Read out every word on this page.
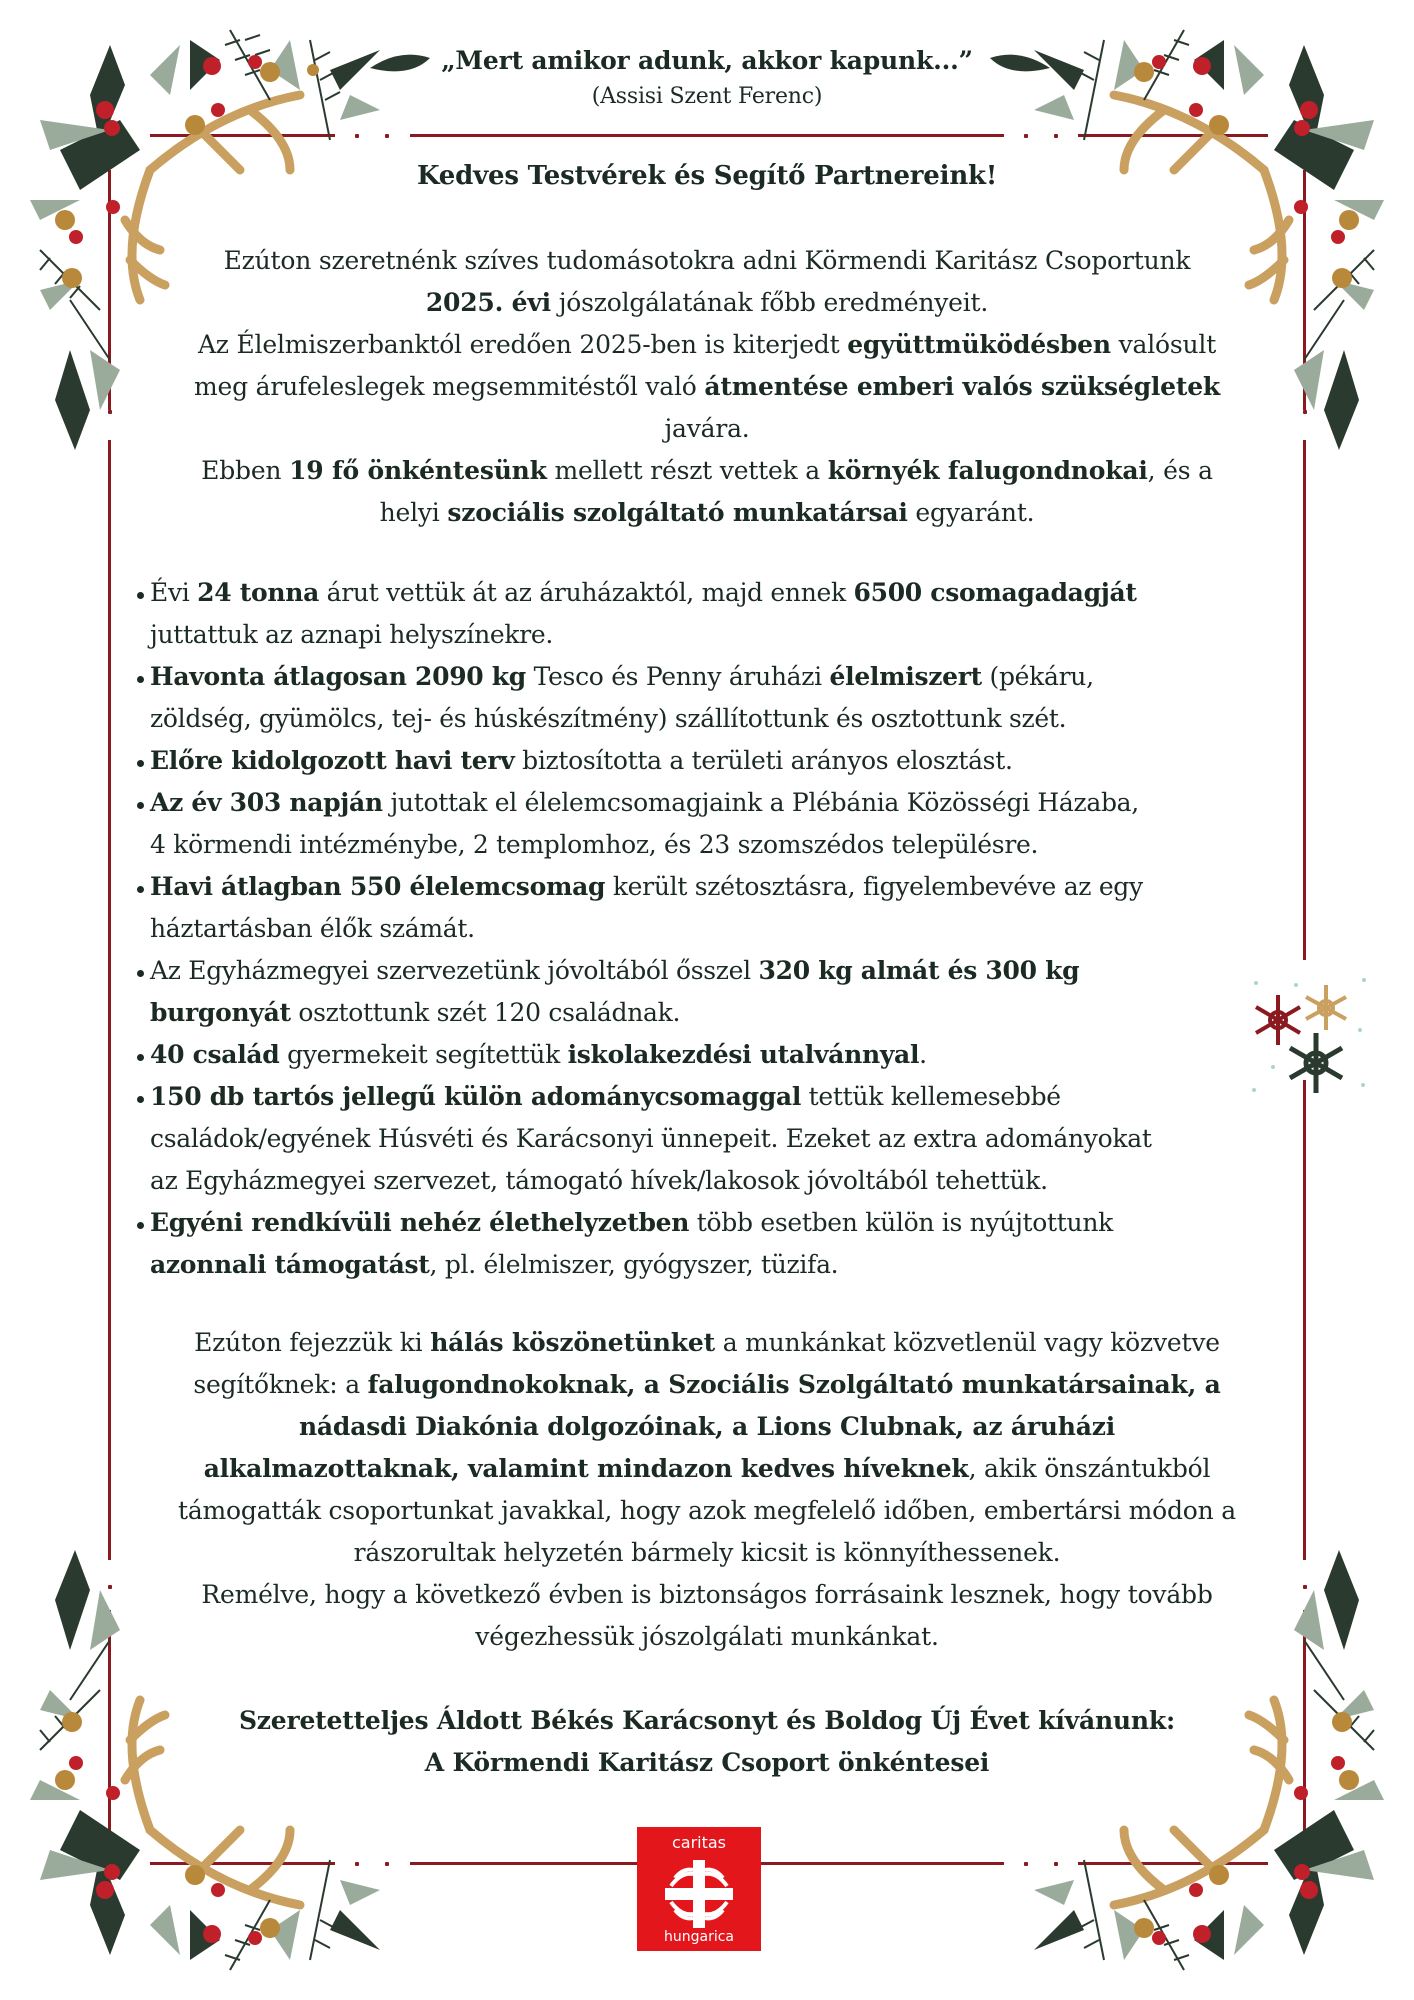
„Mert amikor adunk, akkor kapunk...”
(Assisi Szent Ferenc)
Kedves Testvérek és Segítő Partnereink!
Ezúton szeretnénk szíves tudomásotokra adni Körmendi Karitász Csoportunk
2025. évi jószolgálatának főbb eredményeit.
Az Élelmiszerbanktól eredően 2025-ben is kiterjedt együttmüködésben valósult
meg árufeleslegek megsemmitéstől való átmentése emberi valós szükségletek
javára.
Ebben 19 fő önkéntesünk mellett részt vettek a környék falugondnokai, és a
helyi szociális szolgáltató munkatársai egyaránt.
Évi 24 tonna árut vettük át az áruházaktól, majd ennek 6500 csomagadagját
juttattuk az aznapi helyszínekre.
Havonta átlagosan 2090 kg Tesco és Penny áruházi élelmiszert (pékáru,
zöldség, gyümölcs, tej- és húskészítmény) szállítottunk és osztottunk szét.
Előre kidolgozott havi terv biztosította a területi arányos elosztást.
Az év 303 napján jutottak el élelemcsomagjaink a Plébánia Közösségi Házaba,
4 körmendi intézménybe, 2 templomhoz, és 23 szomszédos településre.
Havi átlagban 550 élelemcsomag került szétosztásra, figyelembevéve az egy
háztartásban élők számát.
Az Egyházmegyei szervezetünk jóvoltából ősszel 320 kg almát és 300 kg
burgonyát osztottunk szét 120 családnak.
40 család gyermekeit segítettük iskolakezdési utalvánnyal.
150 db tartós jellegű külön adománycsomaggal tettük kellemesebbé
családok/egyének Húsvéti és Karácsonyi ünnepeit. Ezeket az extra adományokat
az Egyházmegyei szervezet, támogató hívek/lakosok jóvoltából tehettük.
Egyéni rendkívüli nehéz élethelyzetben több esetben külön is nyújtottunk
azonnali támogatást, pl. élelmiszer, gyógyszer, tüzifa.
Ezúton fejezzük ki hálás köszönetünket a munkánkat közvetlenül vagy közvetve
segítőknek: a falugondnokoknak, a Szociális Szolgáltató munkatársainak, a
nádasdi Diakónia dolgozóinak, a Lions Clubnak, az áruházi
alkalmazottaknak, valamint mindazon kedves híveknek, akik önszántukból
támogatták csoportunkat javakkal, hogy azok megfelelő időben, embertársi módon a
rászorultak helyzetén bármely kicsit is könnyíthessenek.
Remélve, hogy a következő évben is biztonságos forrásaink lesznek, hogy tovább
végezhessük jószolgálati munkánkat.
Szeretetteljes Áldott Békés Karácsonyt és Boldog Új Évet kívánunk:
A Körmendi Karitász Csoport önkéntesei
caritas
hungarica
